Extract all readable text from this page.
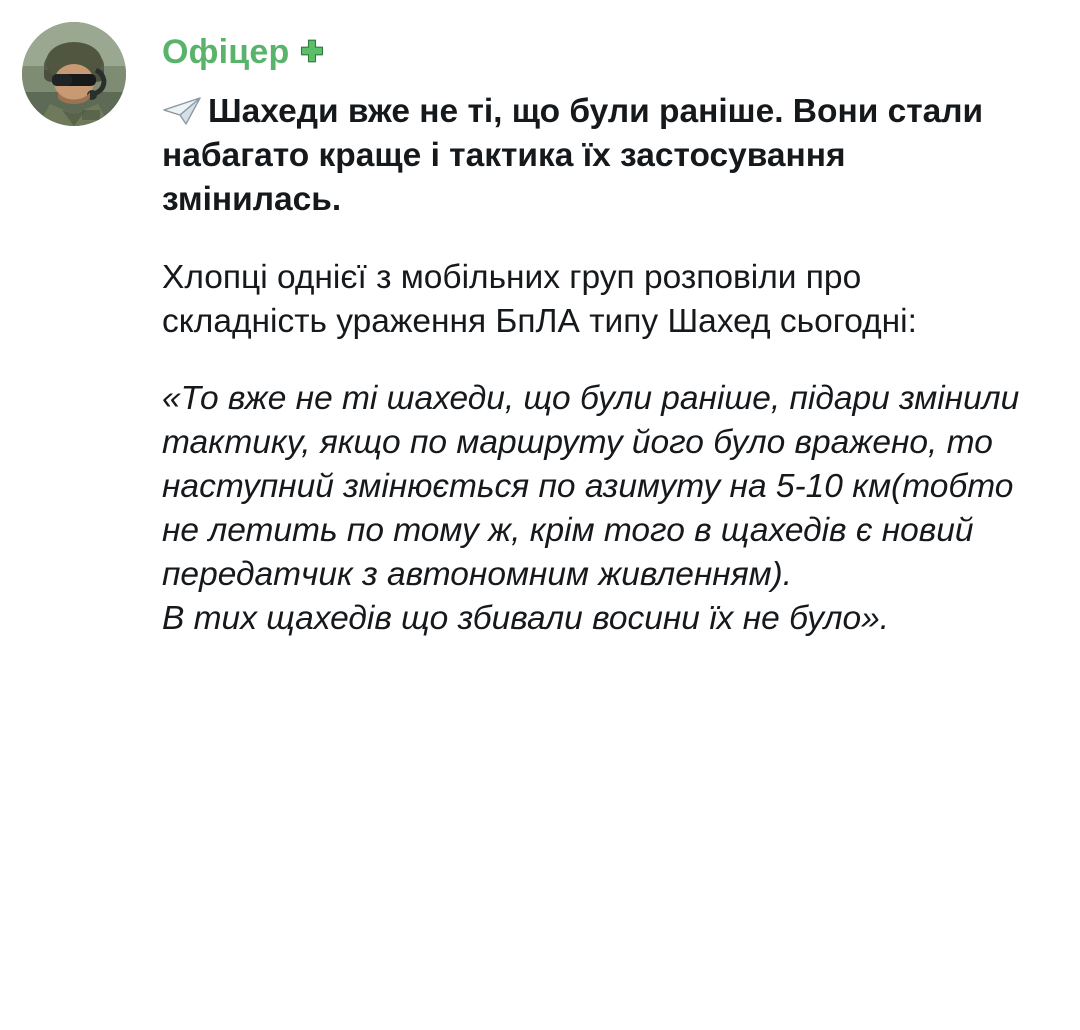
Офіцер

Шахеди вже не ті, що були раніше. Вони стали набагато краще і тактика їх застосування змінилась.

Хлопці однієї з мобільних груп розповіли про складність ураження БпЛА типу Шахед сьогодні:

«То вже не ті шахеди, що були раніше, підари змінили тактику, якщо по маршруту його було вражено, то наступний змінюється по азимуту на 5-10 км(тобто не летить по тому ж, крім того в щахедів є новий передатчик з автономним живленням).

В тих щахедів що збивали восини їх не було».
